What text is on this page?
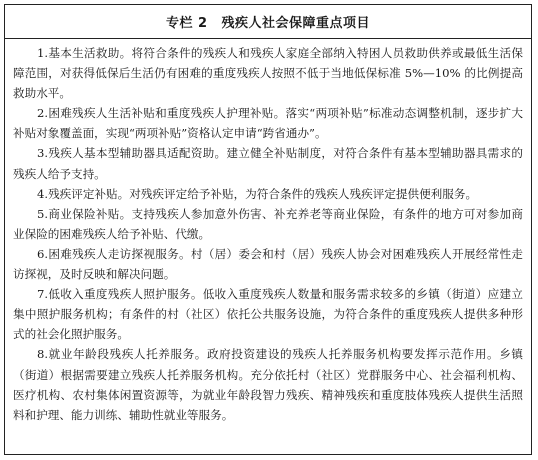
专栏 2 残疾人社会保障重点项目

1.基本生活救助。将符合条件的残疾人和残疾人家庭全部纳入特困人员救助供养或最低生活保障范围，对获得低保后生活仍有困难的重度残疾人按照不低于当地低保标准 5%—10% 的比例提高救助水平。

2.困难残疾人生活补贴和重度残疾人护理补贴。落实“两项补贴”标准动态调整机制，逐步扩大补贴对象覆盖面，实现“两项补贴”资格认定申请“跨省通办”。

3.残疾人基本型辅助器具适配资助。建立健全补贴制度，对符合条件有基本型辅助器具需求的残疾人给予支持。

4.残疾评定补贴。对残疾评定给予补贴，为符合条件的残疾人残疾评定提供便利服务。

5.商业保险补贴。支持残疾人参加意外伤害、补充养老等商业保险，有条件的地方可对参加商业保险的困难残疾人给予补贴、代缴。

6.困难残疾人走访探视服务。村（居）委会和村（居）残疾人协会对困难残疾人开展经常性走访探视，及时反映和解决问题。

7.低收入重度残疾人照护服务。低收入重度残疾人数量和服务需求较多的乡镇（街道）应建立集中照护服务机构；有条件的村（社区）依托公共服务设施，为符合条件的重度残疾人提供多种形式的社会化照护服务。

8.就业年龄段残疾人托养服务。政府投资建设的残疾人托养服务机构要发挥示范作用。乡镇（街道）根据需要建立残疾人托养服务机构。充分依托村（社区）党群服务中心、社会福利机构、医疗机构、农村集体闲置资源等，为就业年龄段智力残疾、精神残疾和重度肢体残疾人提供生活照料和护理、能力训练、辅助性就业等服务。
